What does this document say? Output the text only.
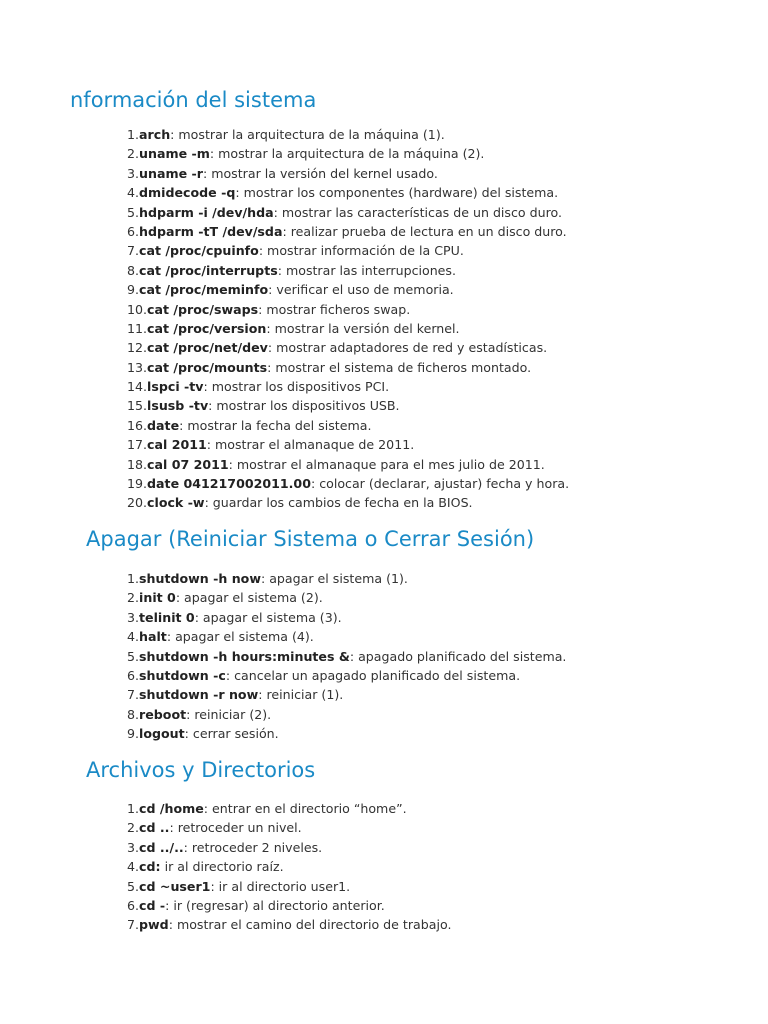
nformación del sistema
1.arch: mostrar la arquitectura de la máquina (1).
2.uname -m: mostrar la arquitectura de la máquina (2).
3.uname -r: mostrar la versión del kernel usado.
4.dmidecode -q: mostrar los componentes (hardware) del sistema.
5.hdparm -i /dev/hda: mostrar las características de un disco duro.
6.hdparm -tT /dev/sda: realizar prueba de lectura en un disco duro.
7.cat /proc/cpuinfo: mostrar información de la CPU.
8.cat /proc/interrupts: mostrar las interrupciones.
9.cat /proc/meminfo: verificar el uso de memoria.
10.cat /proc/swaps: mostrar ficheros swap.
11.cat /proc/version: mostrar la versión del kernel.
12.cat /proc/net/dev: mostrar adaptadores de red y estadísticas.
13.cat /proc/mounts: mostrar el sistema de ficheros montado.
14.lspci -tv: mostrar los dispositivos PCI.
15.lsusb -tv: mostrar los dispositivos USB.
16.date: mostrar la fecha del sistema.
17.cal 2011: mostrar el almanaque de 2011.
18.cal 07 2011: mostrar el almanaque para el mes julio de 2011.
19.date 041217002011.00: colocar (declarar, ajustar) fecha y hora.
20.clock -w: guardar los cambios de fecha en la BIOS.
Apagar (Reiniciar Sistema o Cerrar Sesión)
1.shutdown -h now: apagar el sistema (1).
2.init 0: apagar el sistema (2).
3.telinit 0: apagar el sistema (3).
4.halt: apagar el sistema (4).
5.shutdown -h hours:minutes &: apagado planificado del sistema.
6.shutdown -c: cancelar un apagado planificado del sistema.
7.shutdown -r now: reiniciar (1).
8.reboot: reiniciar (2).
9.logout: cerrar sesión.
Archivos y Directorios
1.cd /home: entrar en el directorio “home”.
2.cd ..: retroceder un nivel.
3.cd ../..: retroceder 2 niveles.
4.cd: ir al directorio raíz.
5.cd ~user1: ir al directorio user1.
6.cd -: ir (regresar) al directorio anterior.
7.pwd: mostrar el camino del directorio de trabajo.
